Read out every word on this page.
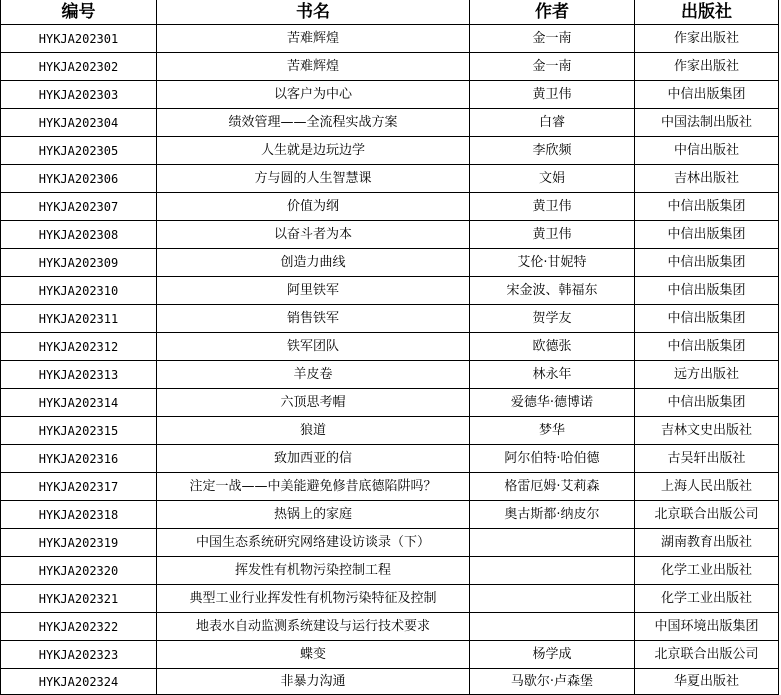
编号	书名	作者	出版社
HYKJA202301	苦难辉煌	金一南	作家出版社
HYKJA202302	苦难辉煌	金一南	作家出版社
HYKJA202303	以客户为中心	黄卫伟	中信出版集团
HYKJA202304	绩效管理——全流程实战方案	白睿	中国法制出版社
HYKJA202305	人生就是边玩边学	李欣频	中信出版社
HYKJA202306	方与圆的人生智慧课	文娟	吉林出版社
HYKJA202307	价值为纲	黄卫伟	中信出版集团
HYKJA202308	以奋斗者为本	黄卫伟	中信出版集团
HYKJA202309	创造力曲线	艾伦·甘妮特	中信出版集团
HYKJA202310	阿里铁军	宋金波、韩福东	中信出版集团
HYKJA202311	销售铁军	贺学友	中信出版集团
HYKJA202312	铁军团队	欧德张	中信出版集团
HYKJA202313	羊皮卷	林永年	远方出版社
HYKJA202314	六顶思考帽	爱德华·德博诺	中信出版集团
HYKJA202315	狼道	梦华	吉林文史出版社
HYKJA202316	致加西亚的信	阿尔伯特·哈伯德	古吴轩出版社
HYKJA202317	注定一战——中美能避免修昔底德陷阱吗？	格雷厄姆·艾莉森	上海人民出版社
HYKJA202318	热锅上的家庭	奥古斯都·纳皮尔	北京联合出版公司
HYKJA202319	中国生态系统研究网络建设访谈录（下）		湖南教育出版社
HYKJA202320	挥发性有机物污染控制工程		化学工业出版社
HYKJA202321	典型工业行业挥发性有机物污染特征及控制		化学工业出版社
HYKJA202322	地表水自动监测系统建设与运行技术要求		中国环境出版集团
HYKJA202323	蝶变	杨学成	北京联合出版公司
HYKJA202324	非暴力沟通	马歇尔·卢森堡	华夏出版社
